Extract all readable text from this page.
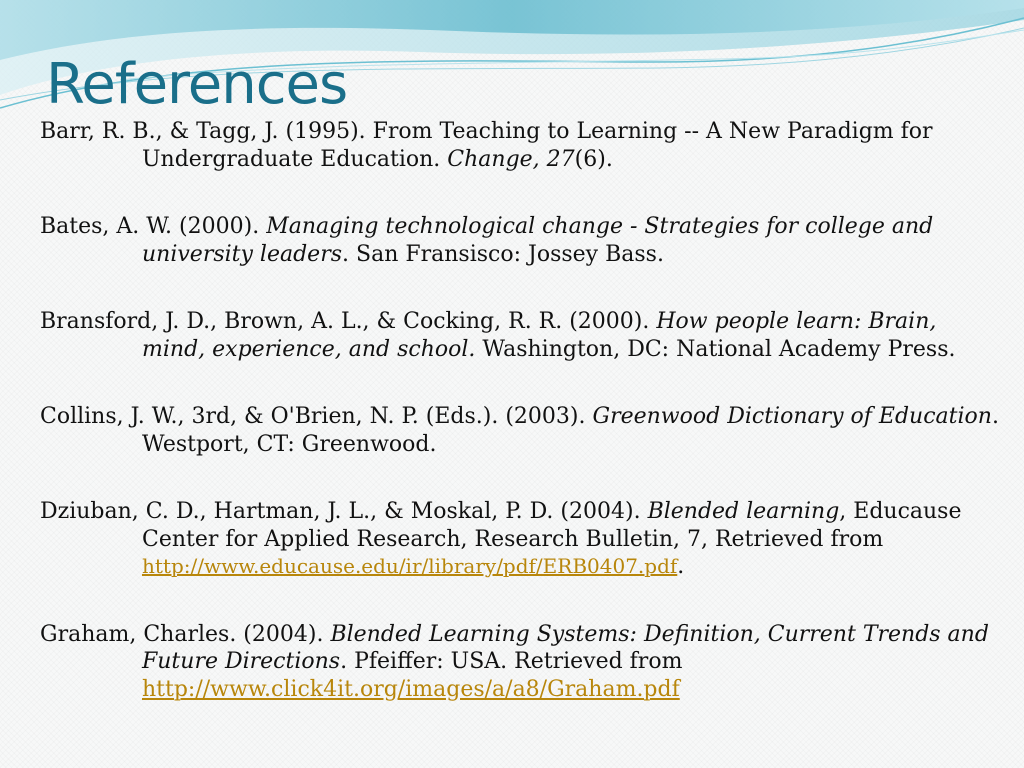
References

Barr, R. B., & Tagg, J. (1995). From Teaching to Learning -- A New Paradigm for Undergraduate Education. Change, 27(6).

Bates, A. W. (2000). Managing technological change - Strategies for college and university leaders. San Fransisco: Jossey Bass.

Bransford, J. D., Brown, A. L., & Cocking, R. R. (2000). How people learn: Brain, mind, experience, and school. Washington, DC: National Academy Press.

Collins, J. W., 3rd, & O'Brien, N. P. (Eds.). (2003). Greenwood Dictionary of Education. Westport, CT: Greenwood.

Dziuban, C. D., Hartman, J. L., & Moskal, P. D. (2004). Blended learning, Educause Center for Applied Research, Research Bulletin, 7, Retrieved from http://www.educause.edu/ir/library/pdf/ERB0407.pdf.

Graham, Charles. (2004). Blended Learning Systems: Definition, Current Trends and Future Directions. Pfeiffer: USA. Retrieved from http://www.click4it.org/images/a/a8/Graham.pdf
